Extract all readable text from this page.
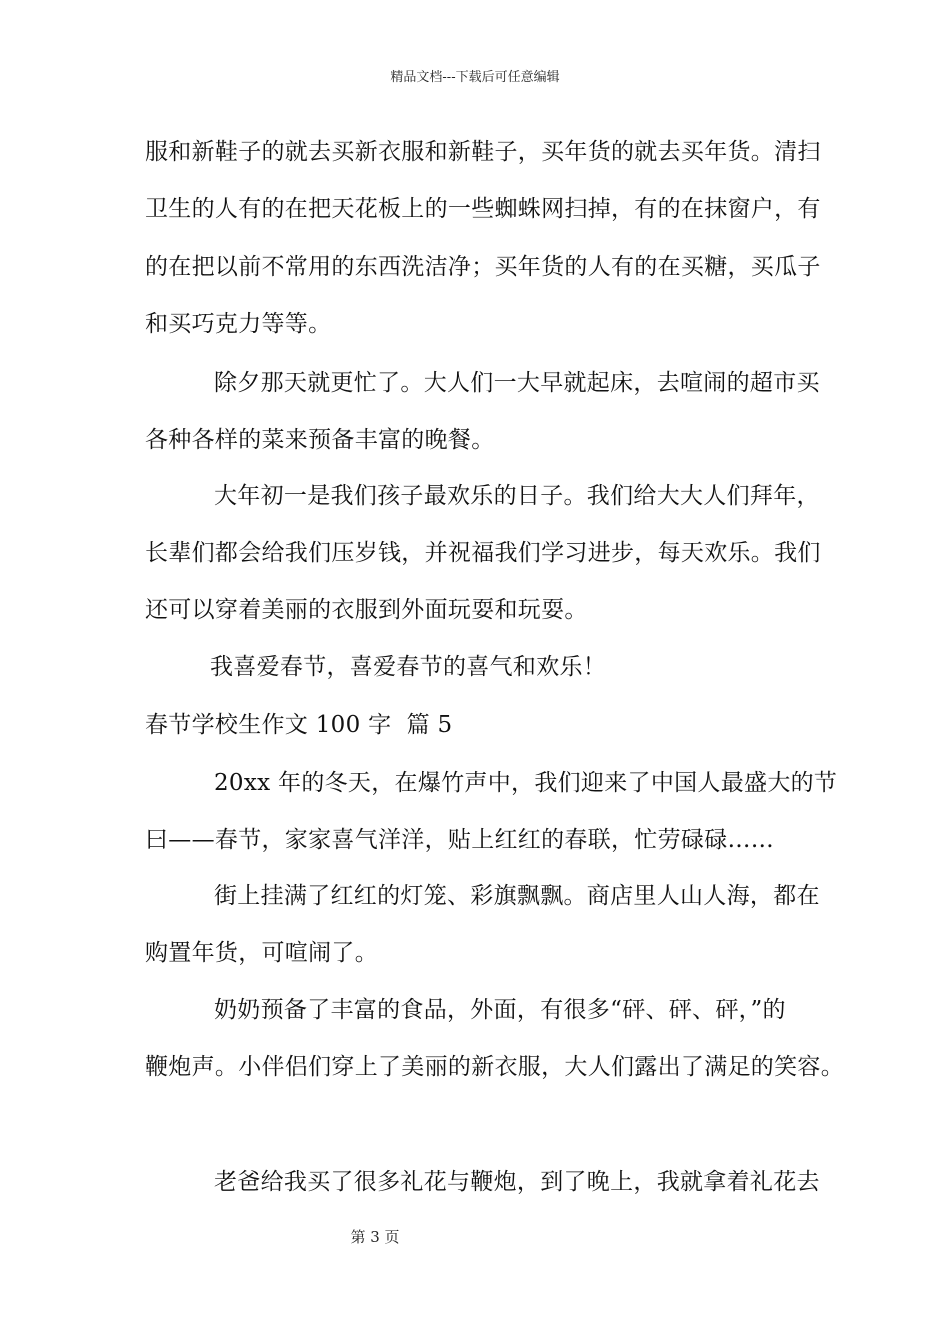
精品文档---下载后可任意编辑
服和新鞋子的就去买新衣服和新鞋子，买年货的就去买年货。清扫
卫生的人有的在把天花板上的一些蜘蛛网扫掉，有的在抹窗户，有
的在把以前不常用的东西洗洁净；买年货的人有的在买糖，买瓜子
和买巧克力等等。
除夕那天就更忙了。大人们一大早就起床，去喧闹的超市买
各种各样的菜来预备丰富的晚餐。
大年初一是我们孩子最欢乐的日子。我们给大大人们拜年，
长辈们都会给我们压岁钱，并祝福我们学习进步，每天欢乐。我们
还可以穿着美丽的衣服到外面玩耍和玩耍。
我喜爱春节，喜爱春节的喜气和欢乐！
春节学校生作文 100 字  篇 5
20xx 年的冬天，在爆竹声中，我们迎来了中国人最盛大的节
曰——春节，家家喜气洋洋，贴上红红的春联，忙劳碌碌……
街上挂满了红红的灯笼、彩旗飘飘。商店里人山人海，都在
购置年货，可喧闹了。
奶奶预备了丰富的食品，外面，有很多“砰、砰、砰，”的
鞭炮声。小伴侣们穿上了美丽的新衣服，大人们露出了满足的笑容。
老爸给我买了很多礼花与鞭炮，到了晚上，我就拿着礼花去
第 3 页
